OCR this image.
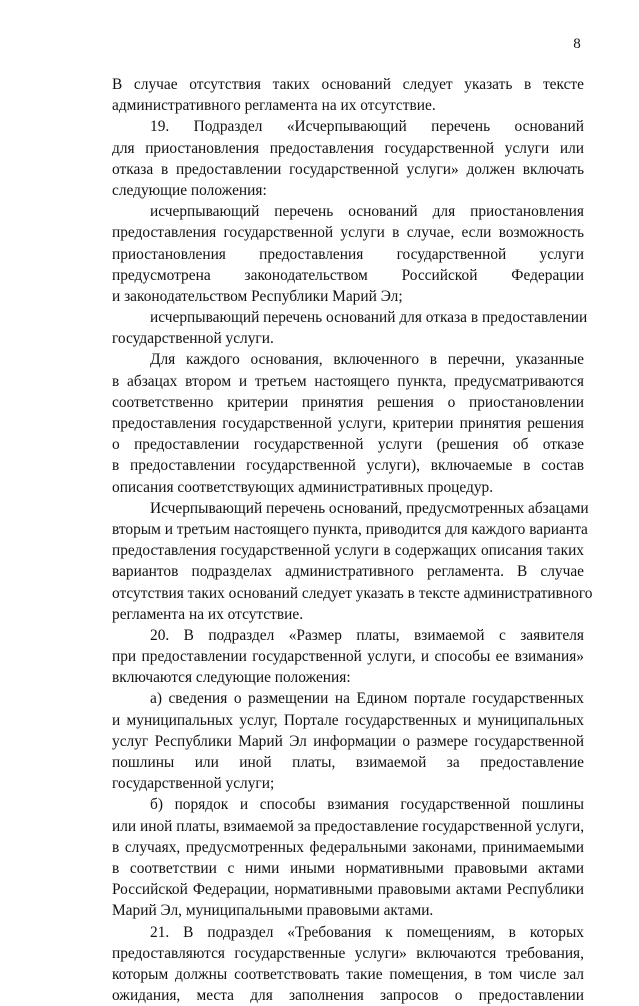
8
В случае отсутствия таких оснований следует указать в тексте
административного регламента на их отсутствие.
19. Подраздел «Исчерпывающий перечень оснований
для приостановления предоставления государственной услуги или
отказа в предоставлении государственной услуги» должен включать
следующие положения:
исчерпывающий перечень оснований для приостановления
предоставления государственной услуги в случае, если возможность
приостановления предоставления государственной услуги
предусмотрена законодательством Российской Федерации
и законодательством Республики Марий Эл;
исчерпывающий перечень оснований для отказа в предоставлении
государственной услуги.
Для каждого основания, включенного в перечни, указанные
в абзацах втором и третьем настоящего пункта, предусматриваются
соответственно критерии принятия решения о приостановлении
предоставления государственной услуги, критерии принятия решения
о предоставлении государственной услуги (решения об отказе
в предоставлении государственной услуги), включаемые в состав
описания соответствующих административных процедур.
Исчерпывающий перечень оснований, предусмотренных абзацами
вторым и третьим настоящего пункта, приводится для каждого варианта
предоставления государственной услуги в содержащих описания таких
вариантов подразделах административного регламента. В случае
отсутствия таких оснований следует указать в тексте административного
регламента на их отсутствие.
20. В подраздел «Размер платы, взимаемой с заявителя
при предоставлении государственной услуги, и способы ее взимания»
включаются следующие положения:
а) сведения о размещении на Едином портале государственных
и муниципальных услуг, Портале государственных и муниципальных
услуг Республики Марий Эл информации о размере государственной
пошлины или иной платы, взимаемой за предоставление
государственной услуги;
б) порядок и способы взимания государственной пошлины
или иной платы, взимаемой за предоставление государственной услуги,
в случаях, предусмотренных федеральными законами, принимаемыми
в соответствии с ними иными нормативными правовыми актами
Российской Федерации, нормативными правовыми актами Республики
Марий Эл, муниципальными правовыми актами.
21. В подраздел «Требования к помещениям, в которых
предоставляются государственные услуги» включаются требования,
которым должны соответствовать такие помещения, в том числе зал
ожидания, места для заполнения запросов о предоставлении
